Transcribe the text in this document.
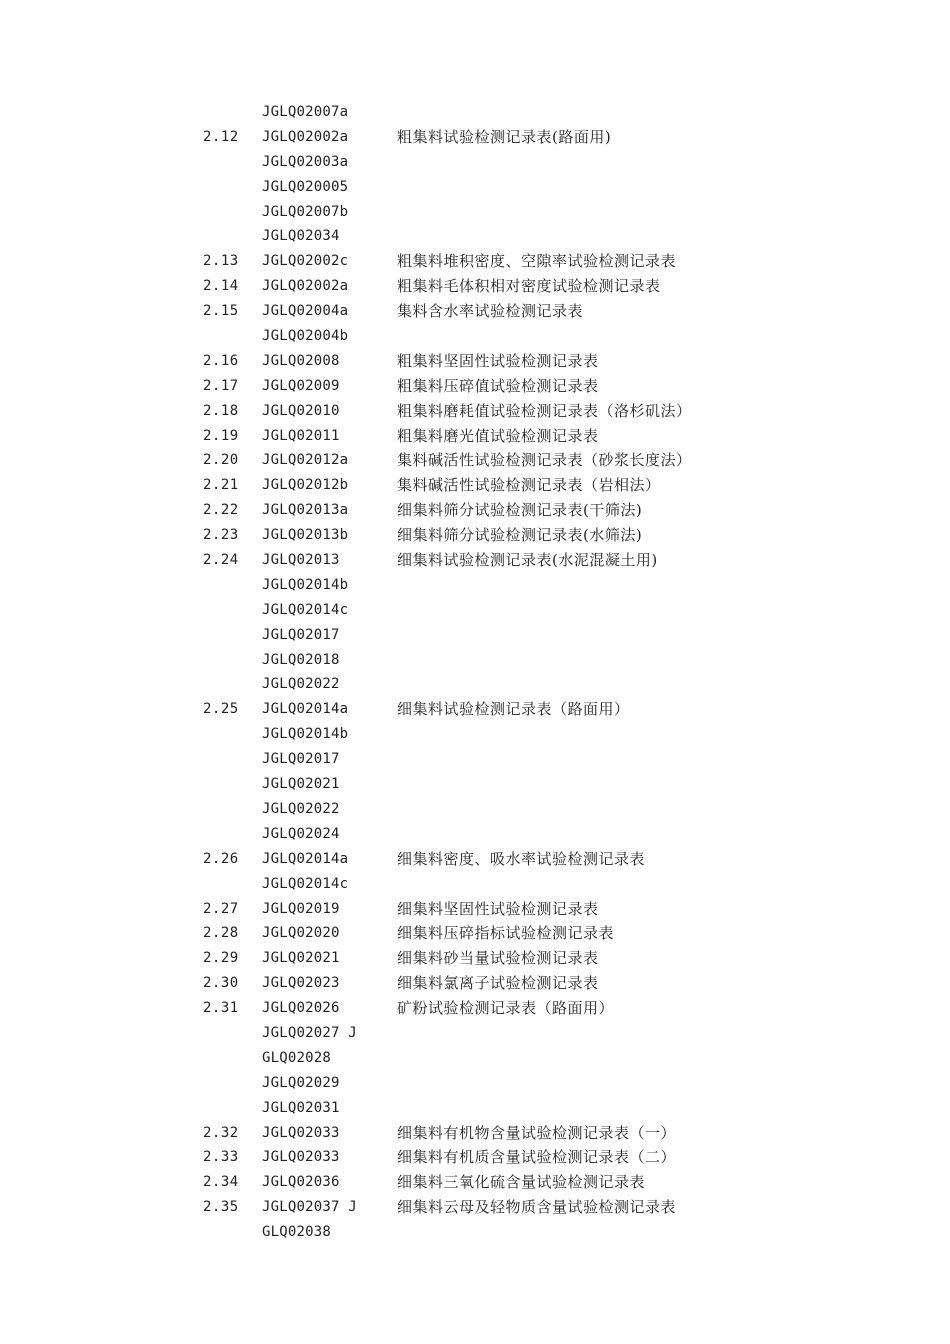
JGLQ02007a
2.12 JGLQ02002a	粗集料试验检测记录表(路面用)
JGLQ02003a
JGLQ020005
JGLQ02007b
JGLQ02034
2.13 JGLQ02002c	粗集料堆积密度、空隙率试验检测记录表
2.14 JGLQ02002a	粗集料毛体积相对密度试验检测记录表
2.15 JGLQ02004a	集料含水率试验检测记录表
JGLQ02004b
2.16 JGLQ02008	粗集料坚固性试验检测记录表
2.17 JGLQ02009	粗集料压碎值试验检测记录表
2.18 JGLQ02010	粗集料磨耗值试验检测记录表（洛杉矶法）
2.19 JGLQ02011	粗集料磨光值试验检测记录表
2.20 JGLQ02012a	集料碱活性试验检测记录表（砂浆长度法）
2.21 JGLQ02012b	集料碱活性试验检测记录表（岩相法）
2.22 JGLQ02013a	细集料筛分试验检测记录表(干筛法)
2.23 JGLQ02013b	细集料筛分试验检测记录表(水筛法)
2.24 JGLQ02013	细集料试验检测记录表(水泥混凝土用)
JGLQ02014b
JGLQ02014c
JGLQ02017
JGLQ02018
JGLQ02022
2.25 JGLQ02014a	细集料试验检测记录表（路面用）
JGLQ02014b
JGLQ02017
JGLQ02021
JGLQ02022
JGLQ02024
2.26 JGLQ02014a	细集料密度、吸水率试验检测记录表
JGLQ02014c
2.27 JGLQ02019	细集料坚固性试验检测记录表
2.28 JGLQ02020	细集料压碎指标试验检测记录表
2.29 JGLQ02021	细集料砂当量试验检测记录表
2.30 JGLQ02023	细集料氯离子试验检测记录表
2.31 JGLQ02026	矿粉试验检测记录表（路面用）
JGLQ02027 J
GLQ02028
JGLQ02029
JGLQ02031
2.32 JGLQ02033	细集料有机物含量试验检测记录表（一）
2.33 JGLQ02033	细集料有机质含量试验检测记录表（二）
2.34 JGLQ02036	细集料三氧化硫含量试验检测记录表
2.35 JGLQ02037 J	细集料云母及轻物质含量试验检测记录表
GLQ02038
